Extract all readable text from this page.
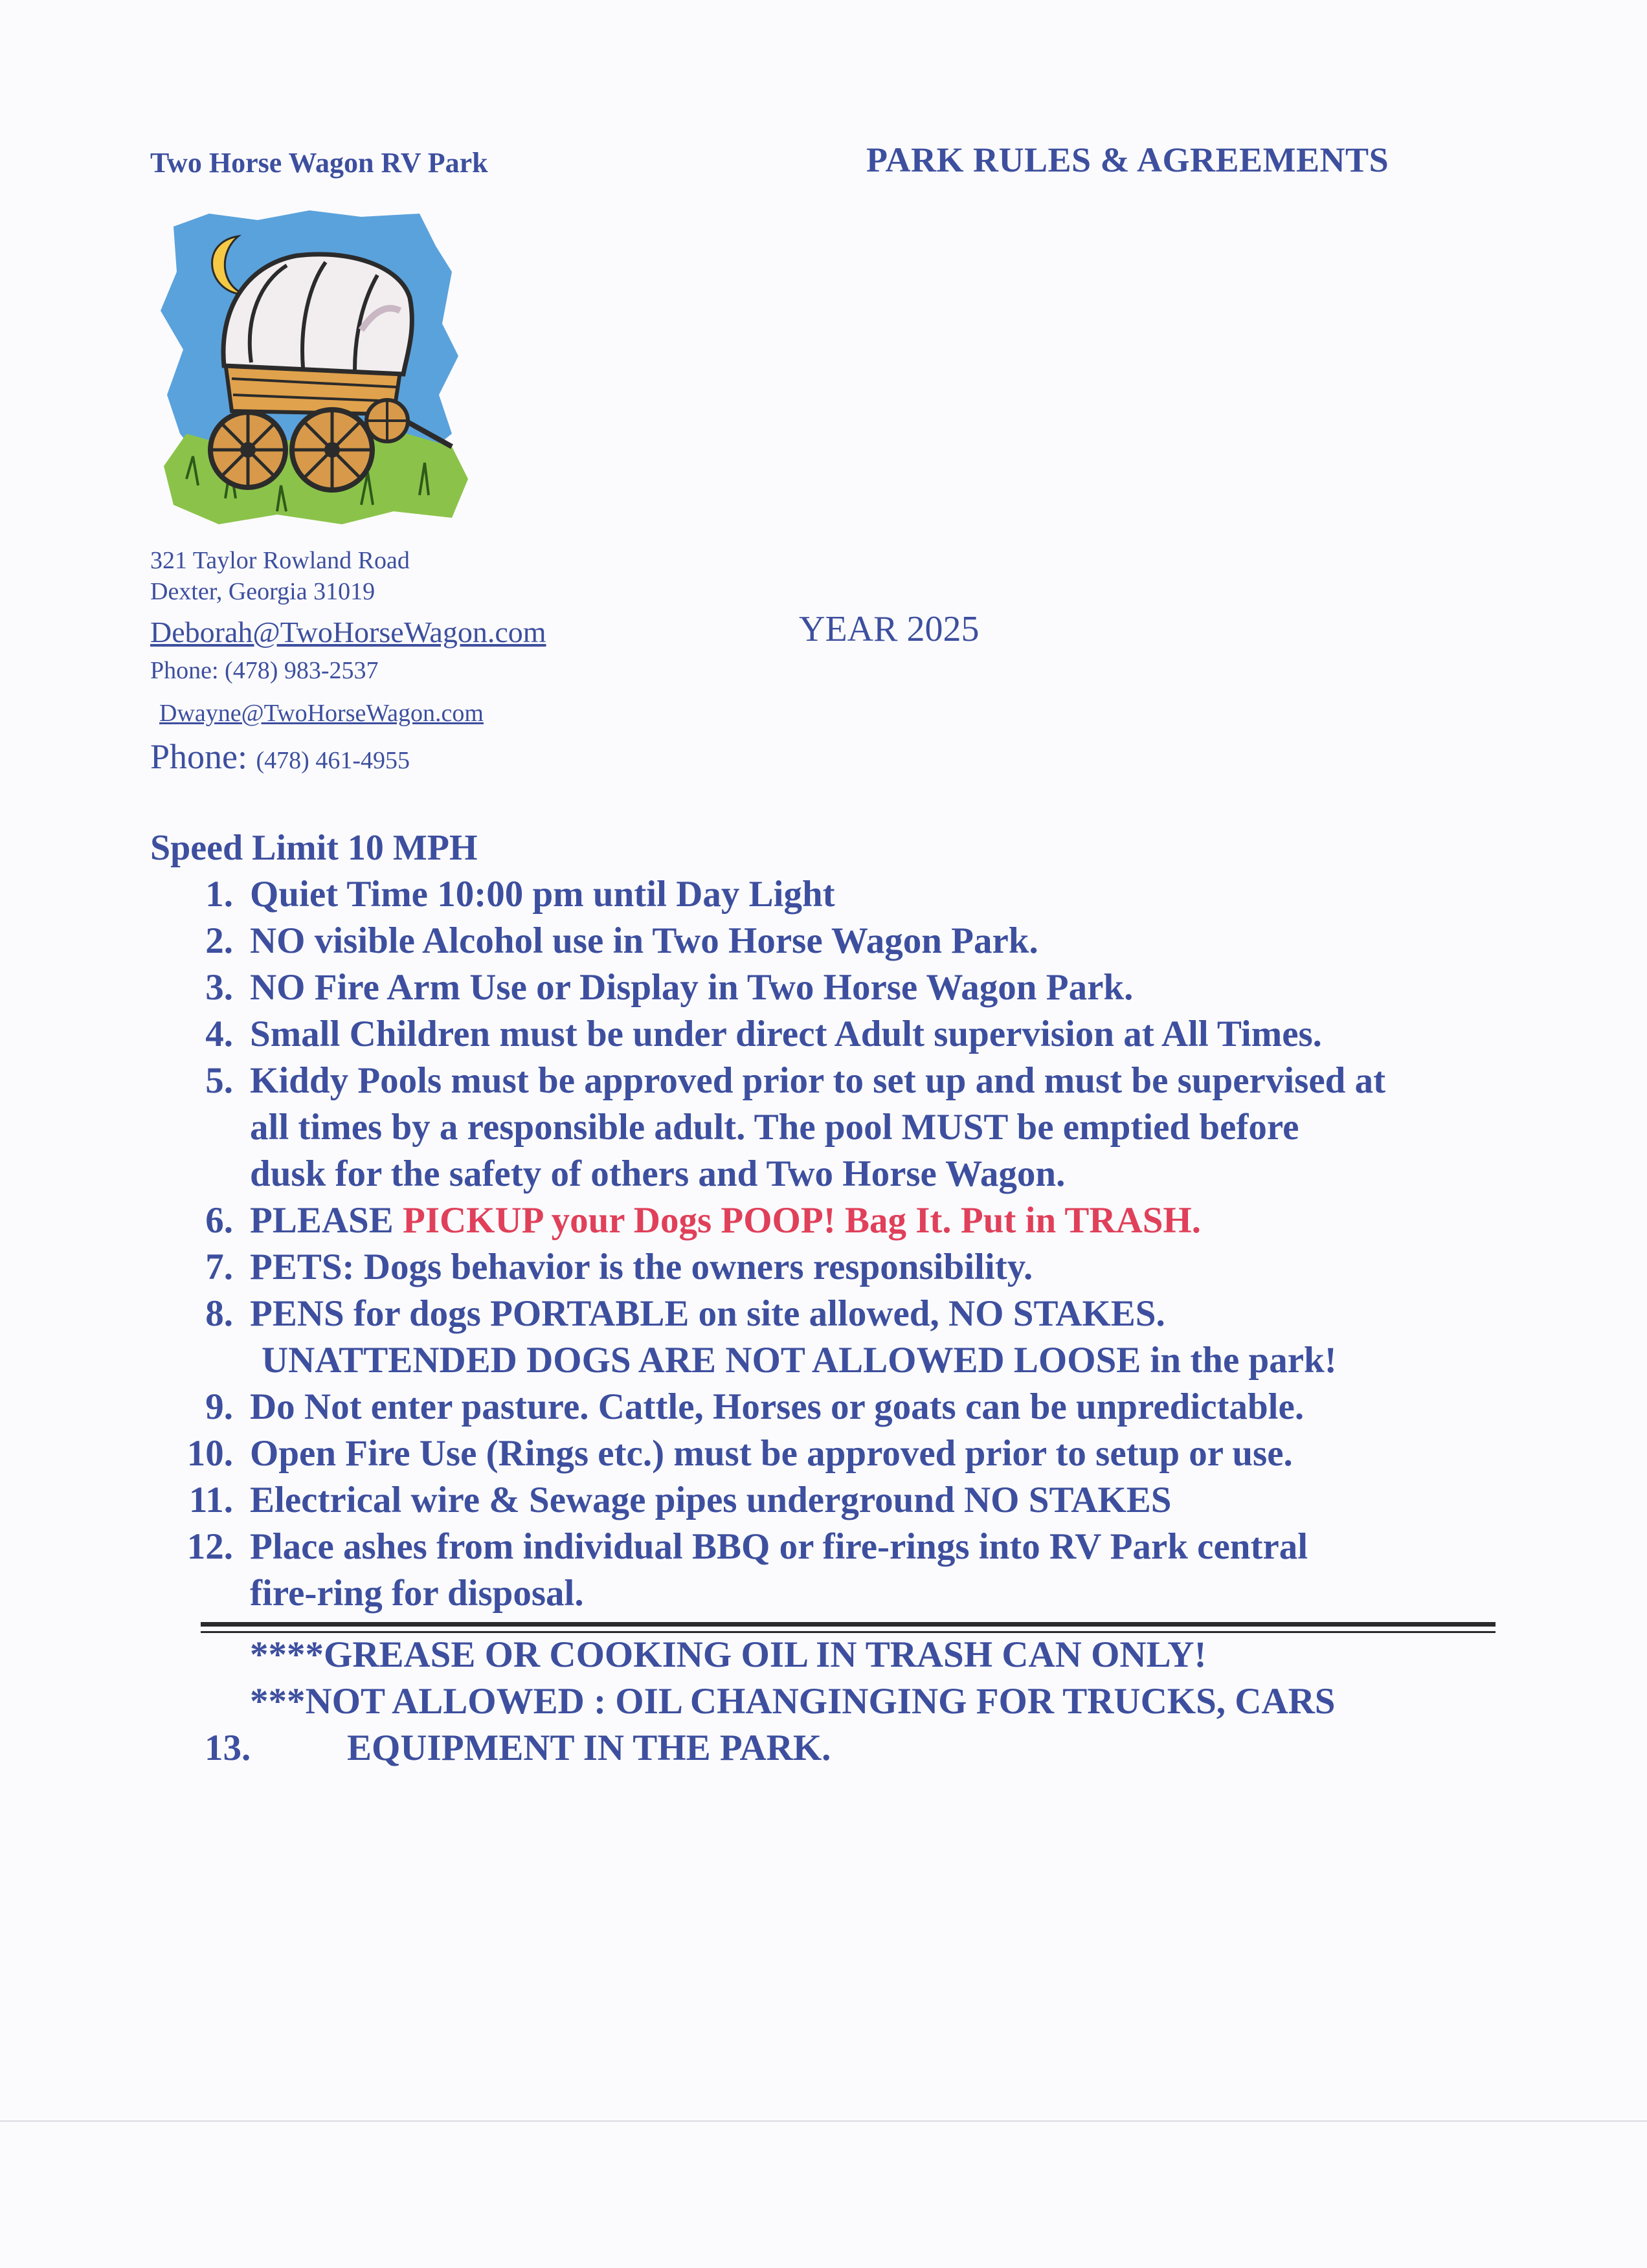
Two Horse Wagon RV Park	PARK RULES & AGREEMENTS
321 Taylor Rowland Road
Dexter, Georgia 31019
Deborah@TwoHorseWagon.com
Phone: (478) 983-2537
Dwayne@TwoHorseWagon.com
Phone: (478) 461-4955
YEAR 2025
Speed Limit 10 MPH
1. Quiet Time 10:00 pm until Day Light
2. NO visible Alcohol use in Two Horse Wagon Park.
3. NO Fire Arm Use or Display in Two Horse Wagon Park.
4. Small Children must be under direct Adult supervision at All Times.
5. Kiddy Pools must be approved prior to set up and must be supervised at
all times by a responsible adult. The pool MUST be emptied before
dusk for the safety of others and Two Horse Wagon.
6. PLEASE PICKUP your Dogs POOP! Bag It. Put in TRASH.
7. PETS: Dogs behavior is the owners responsibility.
8. PENS for dogs PORTABLE on site allowed, NO STAKES.
UNATTENDED DOGS ARE NOT ALLOWED LOOSE in the park!
9. Do Not enter pasture. Cattle, Horses or goats can be unpredictable.
10. Open Fire Use (Rings etc.) must be approved prior to setup or use.
11. Electrical wire & Sewage pipes underground NO STAKES
12. Place ashes from individual BBQ or fire-rings into RV Park central
fire-ring for disposal.
****GREASE OR COOKING OIL IN TRASH CAN ONLY!
***NOT ALLOWED : OIL CHANGINGING FOR TRUCKS, CARS
13.	EQUIPMENT IN THE PARK.
